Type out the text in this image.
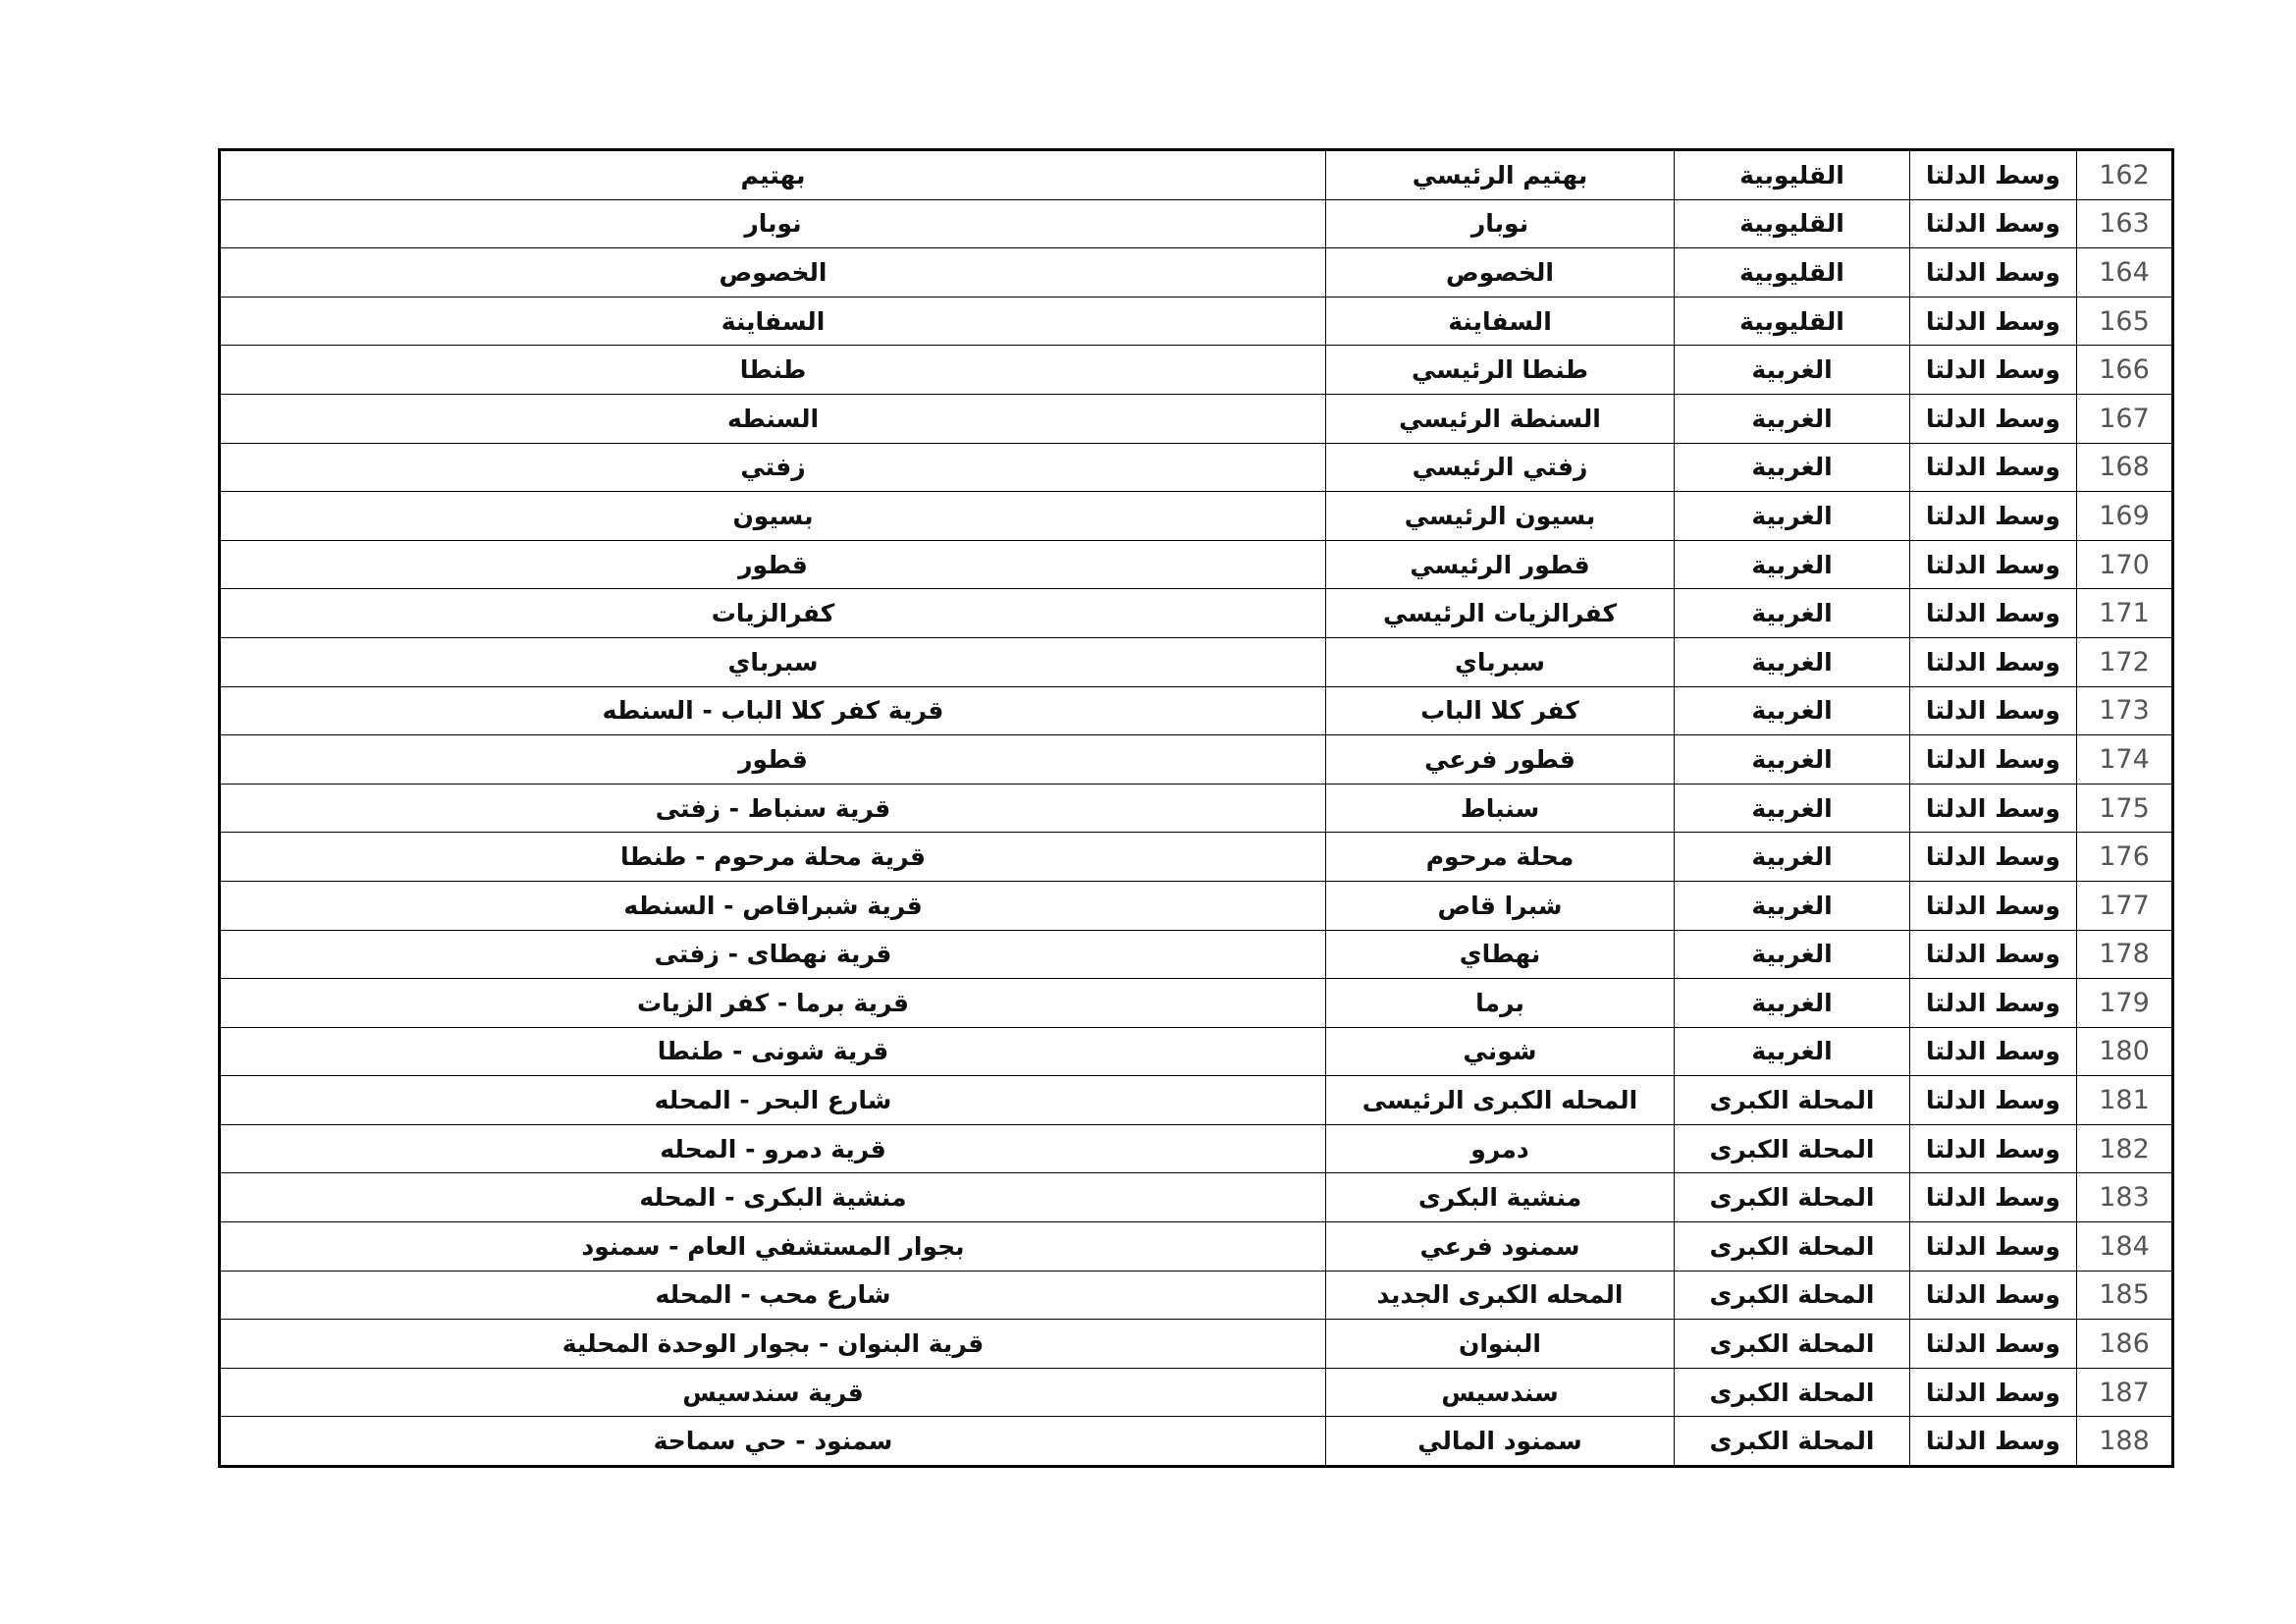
بهتيم	بهتيم الرئيسي	القليوبية	وسط الدلتا	162
نوبار	نوبار	القليوبية	وسط الدلتا	163
الخصوص	الخصوص	القليوبية	وسط الدلتا	164
السفاينة	السفاينة	القليوبية	وسط الدلتا	165
طنطا	طنطا الرئيسي	الغربية	وسط الدلتا	166
السنطه	السنطة الرئيسي	الغربية	وسط الدلتا	167
زفتي	زفتي الرئيسي	الغربية	وسط الدلتا	168
بسيون	بسيون الرئيسي	الغربية	وسط الدلتا	169
قطور	قطور الرئيسي	الغربية	وسط الدلتا	170
كفرالزيات	كفرالزيات الرئيسي	الغربية	وسط الدلتا	171
سبرباي	سبرباي	الغربية	وسط الدلتا	172
قرية كفر كلا الباب - السنطه	كفر كلا الباب	الغربية	وسط الدلتا	173
قطور	قطور فرعي	الغربية	وسط الدلتا	174
قرية سنباط - زفتى	سنباط	الغربية	وسط الدلتا	175
قرية محلة مرحوم - طنطا	محلة مرحوم	الغربية	وسط الدلتا	176
قرية شبراقاص - السنطه	شبرا قاص	الغربية	وسط الدلتا	177
قرية نهطاى - زفتى	نهطاي	الغربية	وسط الدلتا	178
قرية برما - كفر الزيات	برما	الغربية	وسط الدلتا	179
قرية شونى - طنطا	شوني	الغربية	وسط الدلتا	180
شارع البحر - المحله	المحله الكبرى الرئيسى	المحلة الكبرى	وسط الدلتا	181
قرية دمرو - المحله	دمرو	المحلة الكبرى	وسط الدلتا	182
منشية البكرى - المحله	منشية البكرى	المحلة الكبرى	وسط الدلتا	183
بجوار المستشفي العام - سمنود	سمنود فرعي	المحلة الكبرى	وسط الدلتا	184
شارع محب - المحله	المحله الكبرى الجديد	المحلة الكبرى	وسط الدلتا	185
قرية البنوان - بجوار الوحدة المحلية	البنوان	المحلة الكبرى	وسط الدلتا	186
قرية سندسيس	سندسيس	المحلة الكبرى	وسط الدلتا	187
سمنود - حي سماحة	سمنود المالي	المحلة الكبرى	وسط الدلتا	188
